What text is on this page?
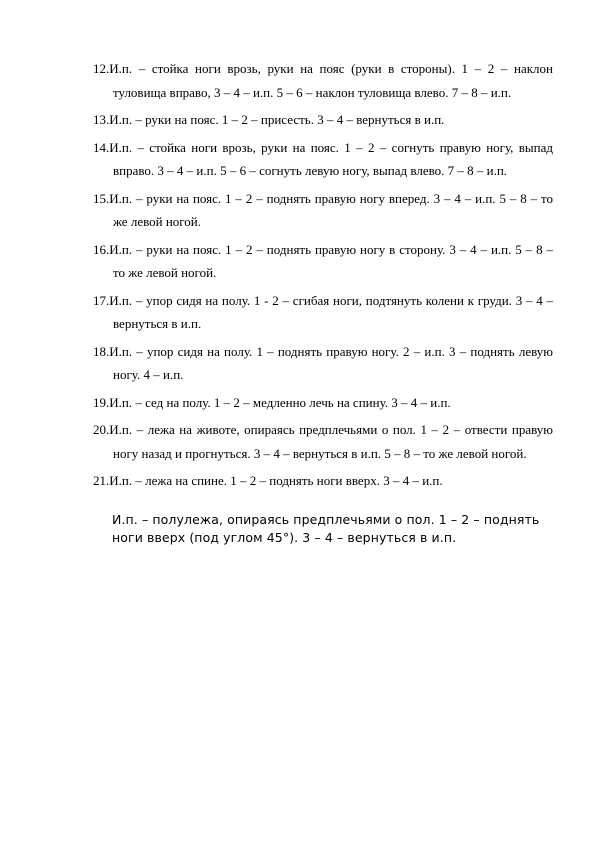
12.И.п. – стойка ноги врозь, руки на пояс (руки в стороны). 1 – 2 – наклон туловища вправо, 3 – 4 – и.п. 5 – 6 – наклон туловища влево. 7 – 8 – и.п.

13.И.п. – руки на пояс. 1 – 2 – присесть. 3 – 4 – вернуться в и.п.

14.И.п. – стойка ноги врозь, руки на пояс. 1 – 2 – согнуть правую ногу, выпад вправо. 3 – 4 – и.п. 5 – 6 – согнуть левую ногу, выпад влево. 7 – 8 – и.п.

15.И.п. – руки на пояс. 1 – 2 – поднять правую ногу вперед. 3 – 4 – и.п. 5 – 8 – то же левой ногой.

16.И.п. – руки на пояс. 1 – 2 – поднять правую ногу в сторону. 3 – 4 – и.п. 5 – 8 – то же левой ногой.

17.И.п. – упор сидя на полу. 1 - 2 – сгибая ноги, подтянуть колени к груди. 3 – 4 – вернуться в и.п.

18.И.п. – упор сидя на полу. 1 – поднять правую ногу. 2 – и.п. 3 – поднять левую ногу. 4 – и.п.

19.И.п. – сед на полу. 1 – 2 – медленно лечь на спину. 3 – 4 – и.п.

20.И.п. – лежа на животе, опираясь предплечьями о пол. 1 – 2 – отвести правую ногу назад и прогнуться. 3 – 4 – вернуться в и.п. 5 – 8 – то же левой ногой.

21.И.п. – лежа на спине. 1 – 2 – поднять ноги вверх. 3 – 4 – и.п.

И.п. – полулежа, опираясь предплечьями о пол. 1 – 2 – поднять ноги вверх (под углом 45°). 3 – 4 – вернуться в и.п.
